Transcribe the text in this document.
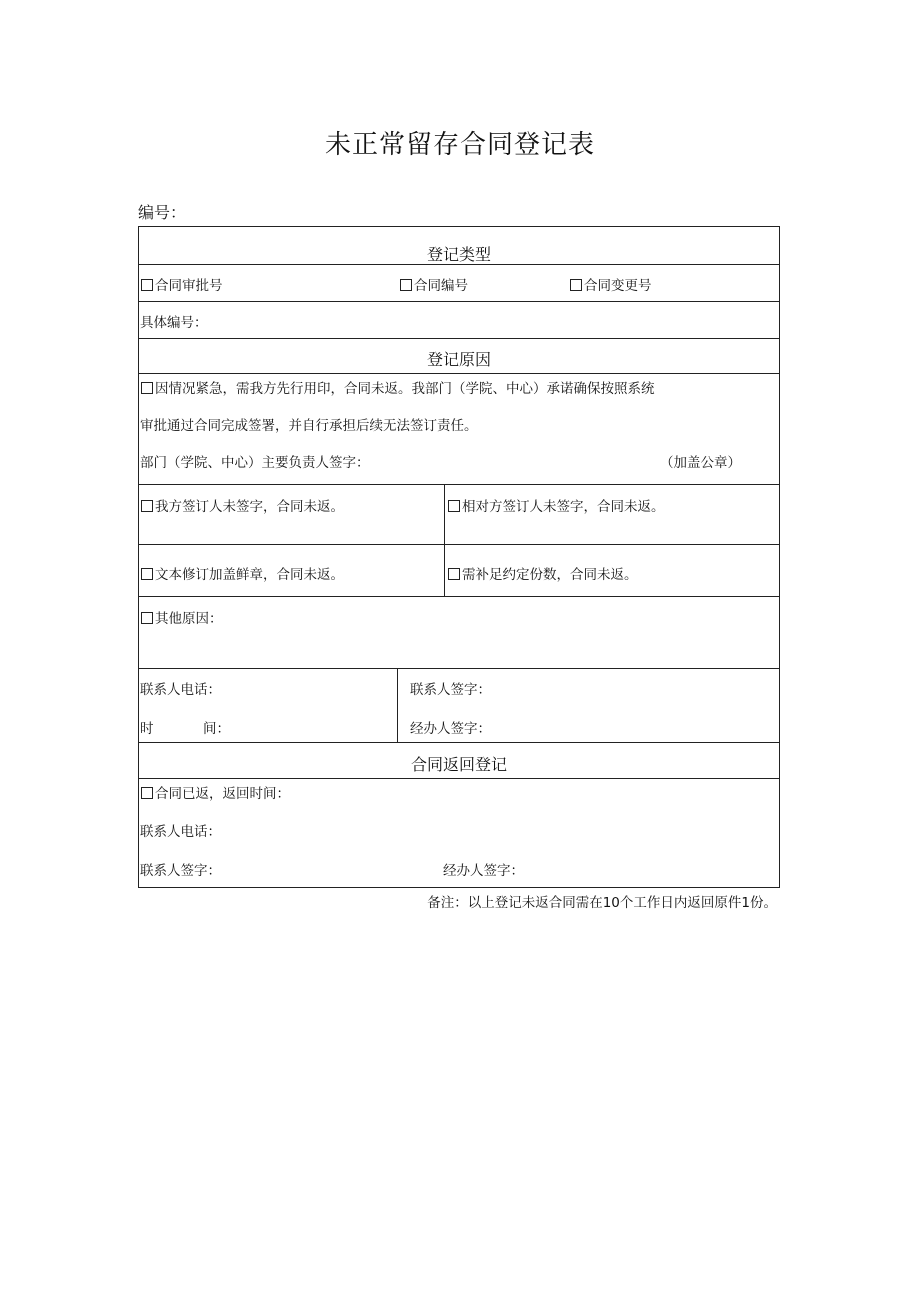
未正常留存合同登记表
编号：
登记类型
合同审批号	合同编号	合同变更号
具体编号：
登记原因
因情况紧急，需我方先行用印，合同未返。我部门（学院、中心）承诺确保按照系统
审批通过合同完成签署，并自行承担后续无法签订责任。
部门（学院、中心）主要负责人签字：	（加盖公章）
我方签订人未签字，合同未返。	相对方签订人未签字，合同未返。
文本修订加盖鲜章，合同未返。	需补足约定份数，合同未返。
其他原因：
联系人电话：	联系人签字：
时	间：	经办人签字：
合同返回登记
合同已返，返回时间：
联系人电话：
联系人签字：	经办人签字：
备注：以上登记未返合同需在10个工作日内返回原件1份。
